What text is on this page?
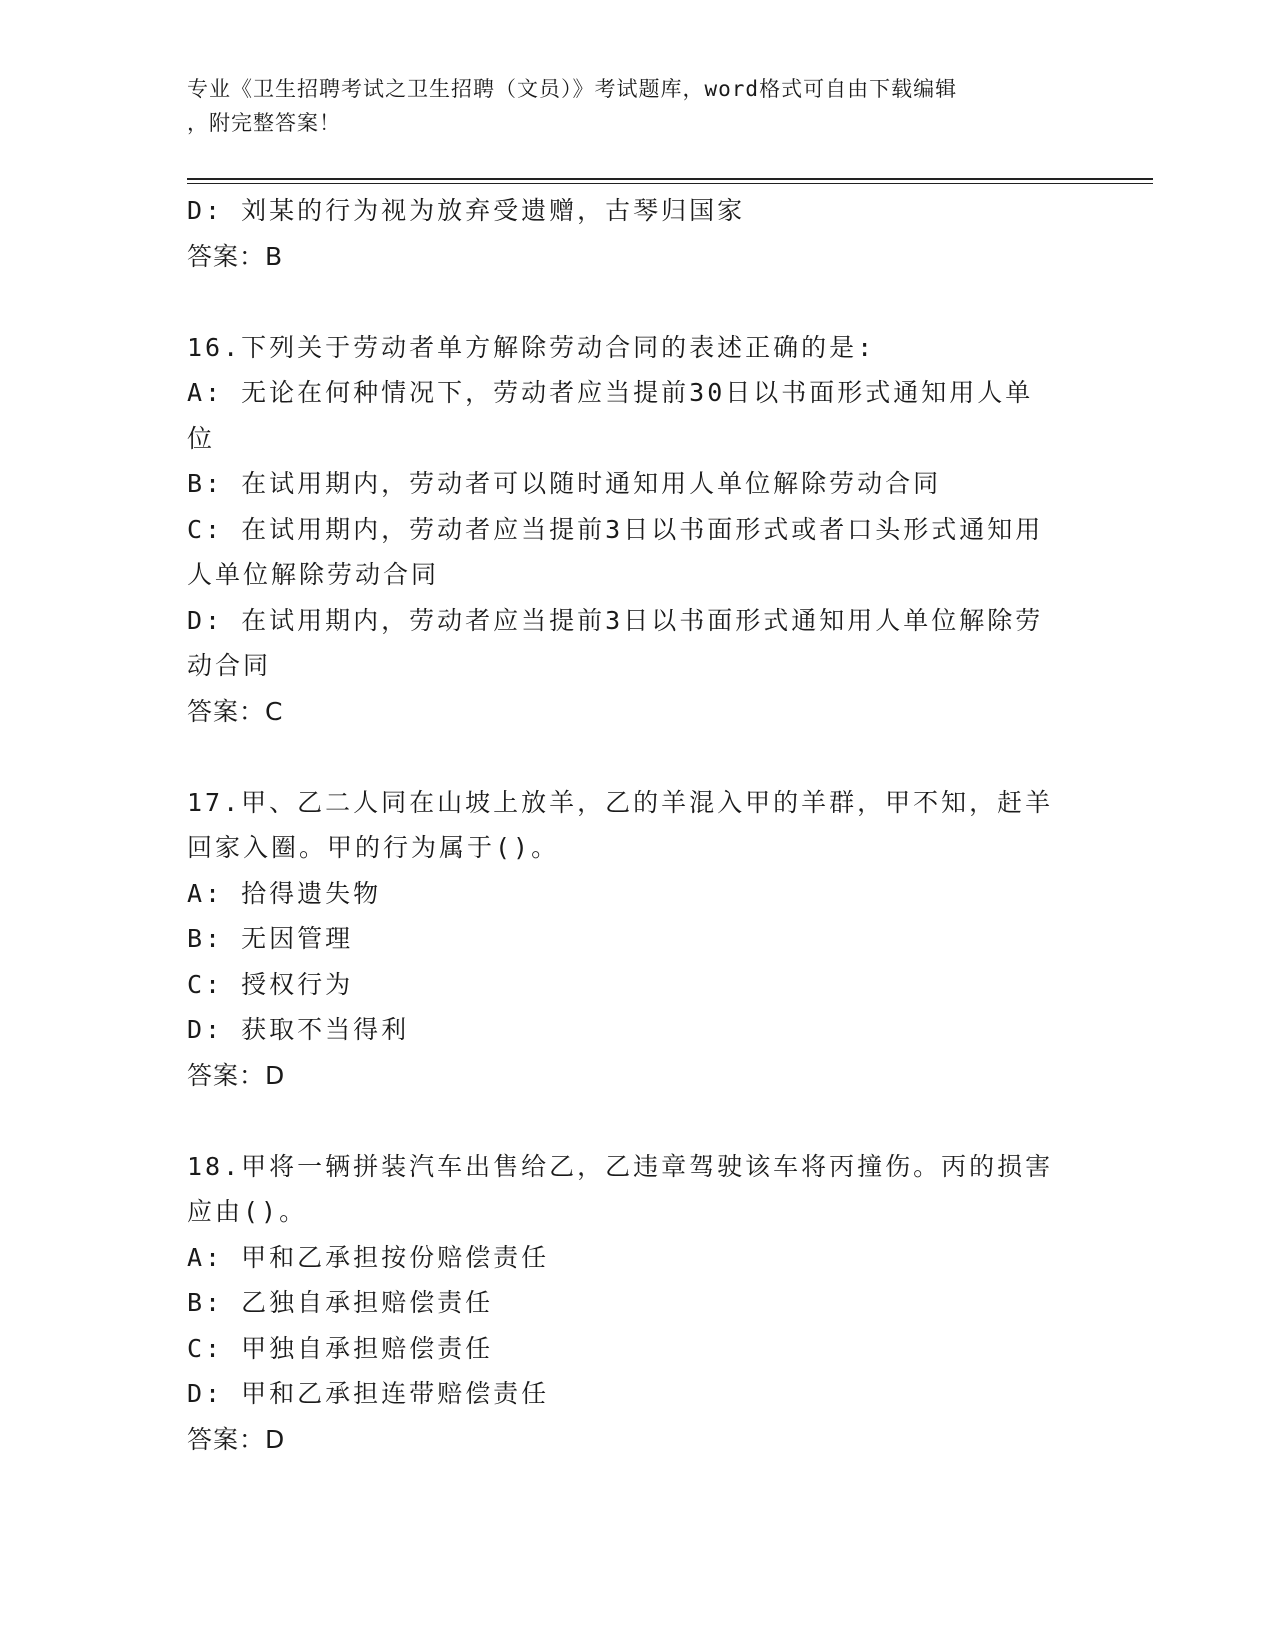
专业《卫生招聘考试之卫生招聘（文员）》考试题库，word格式可自由下载编辑
，附完整答案！
D: 刘某的行为视为放弃受遗赠，古琴归国家
答案：B
16.下列关于劳动者单方解除劳动合同的表述正确的是:
A: 无论在何种情况下，劳动者应当提前30日以书面形式通知用人单
位
B: 在试用期内，劳动者可以随时通知用人单位解除劳动合同
C: 在试用期内，劳动者应当提前3日以书面形式或者口头形式通知用
人单位解除劳动合同
D: 在试用期内，劳动者应当提前3日以书面形式通知用人单位解除劳
动合同
答案：C
17.甲、乙二人同在山坡上放羊，乙的羊混入甲的羊群，甲不知，赶羊
回家入圈。甲的行为属于()。
A: 拾得遗失物
B: 无因管理
C: 授权行为
D: 获取不当得利
答案：D
18.甲将一辆拼装汽车出售给乙，乙违章驾驶该车将丙撞伤。丙的损害
应由()。
A: 甲和乙承担按份赔偿责任
B: 乙独自承担赔偿责任
C: 甲独自承担赔偿责任
D: 甲和乙承担连带赔偿责任
答案：D
